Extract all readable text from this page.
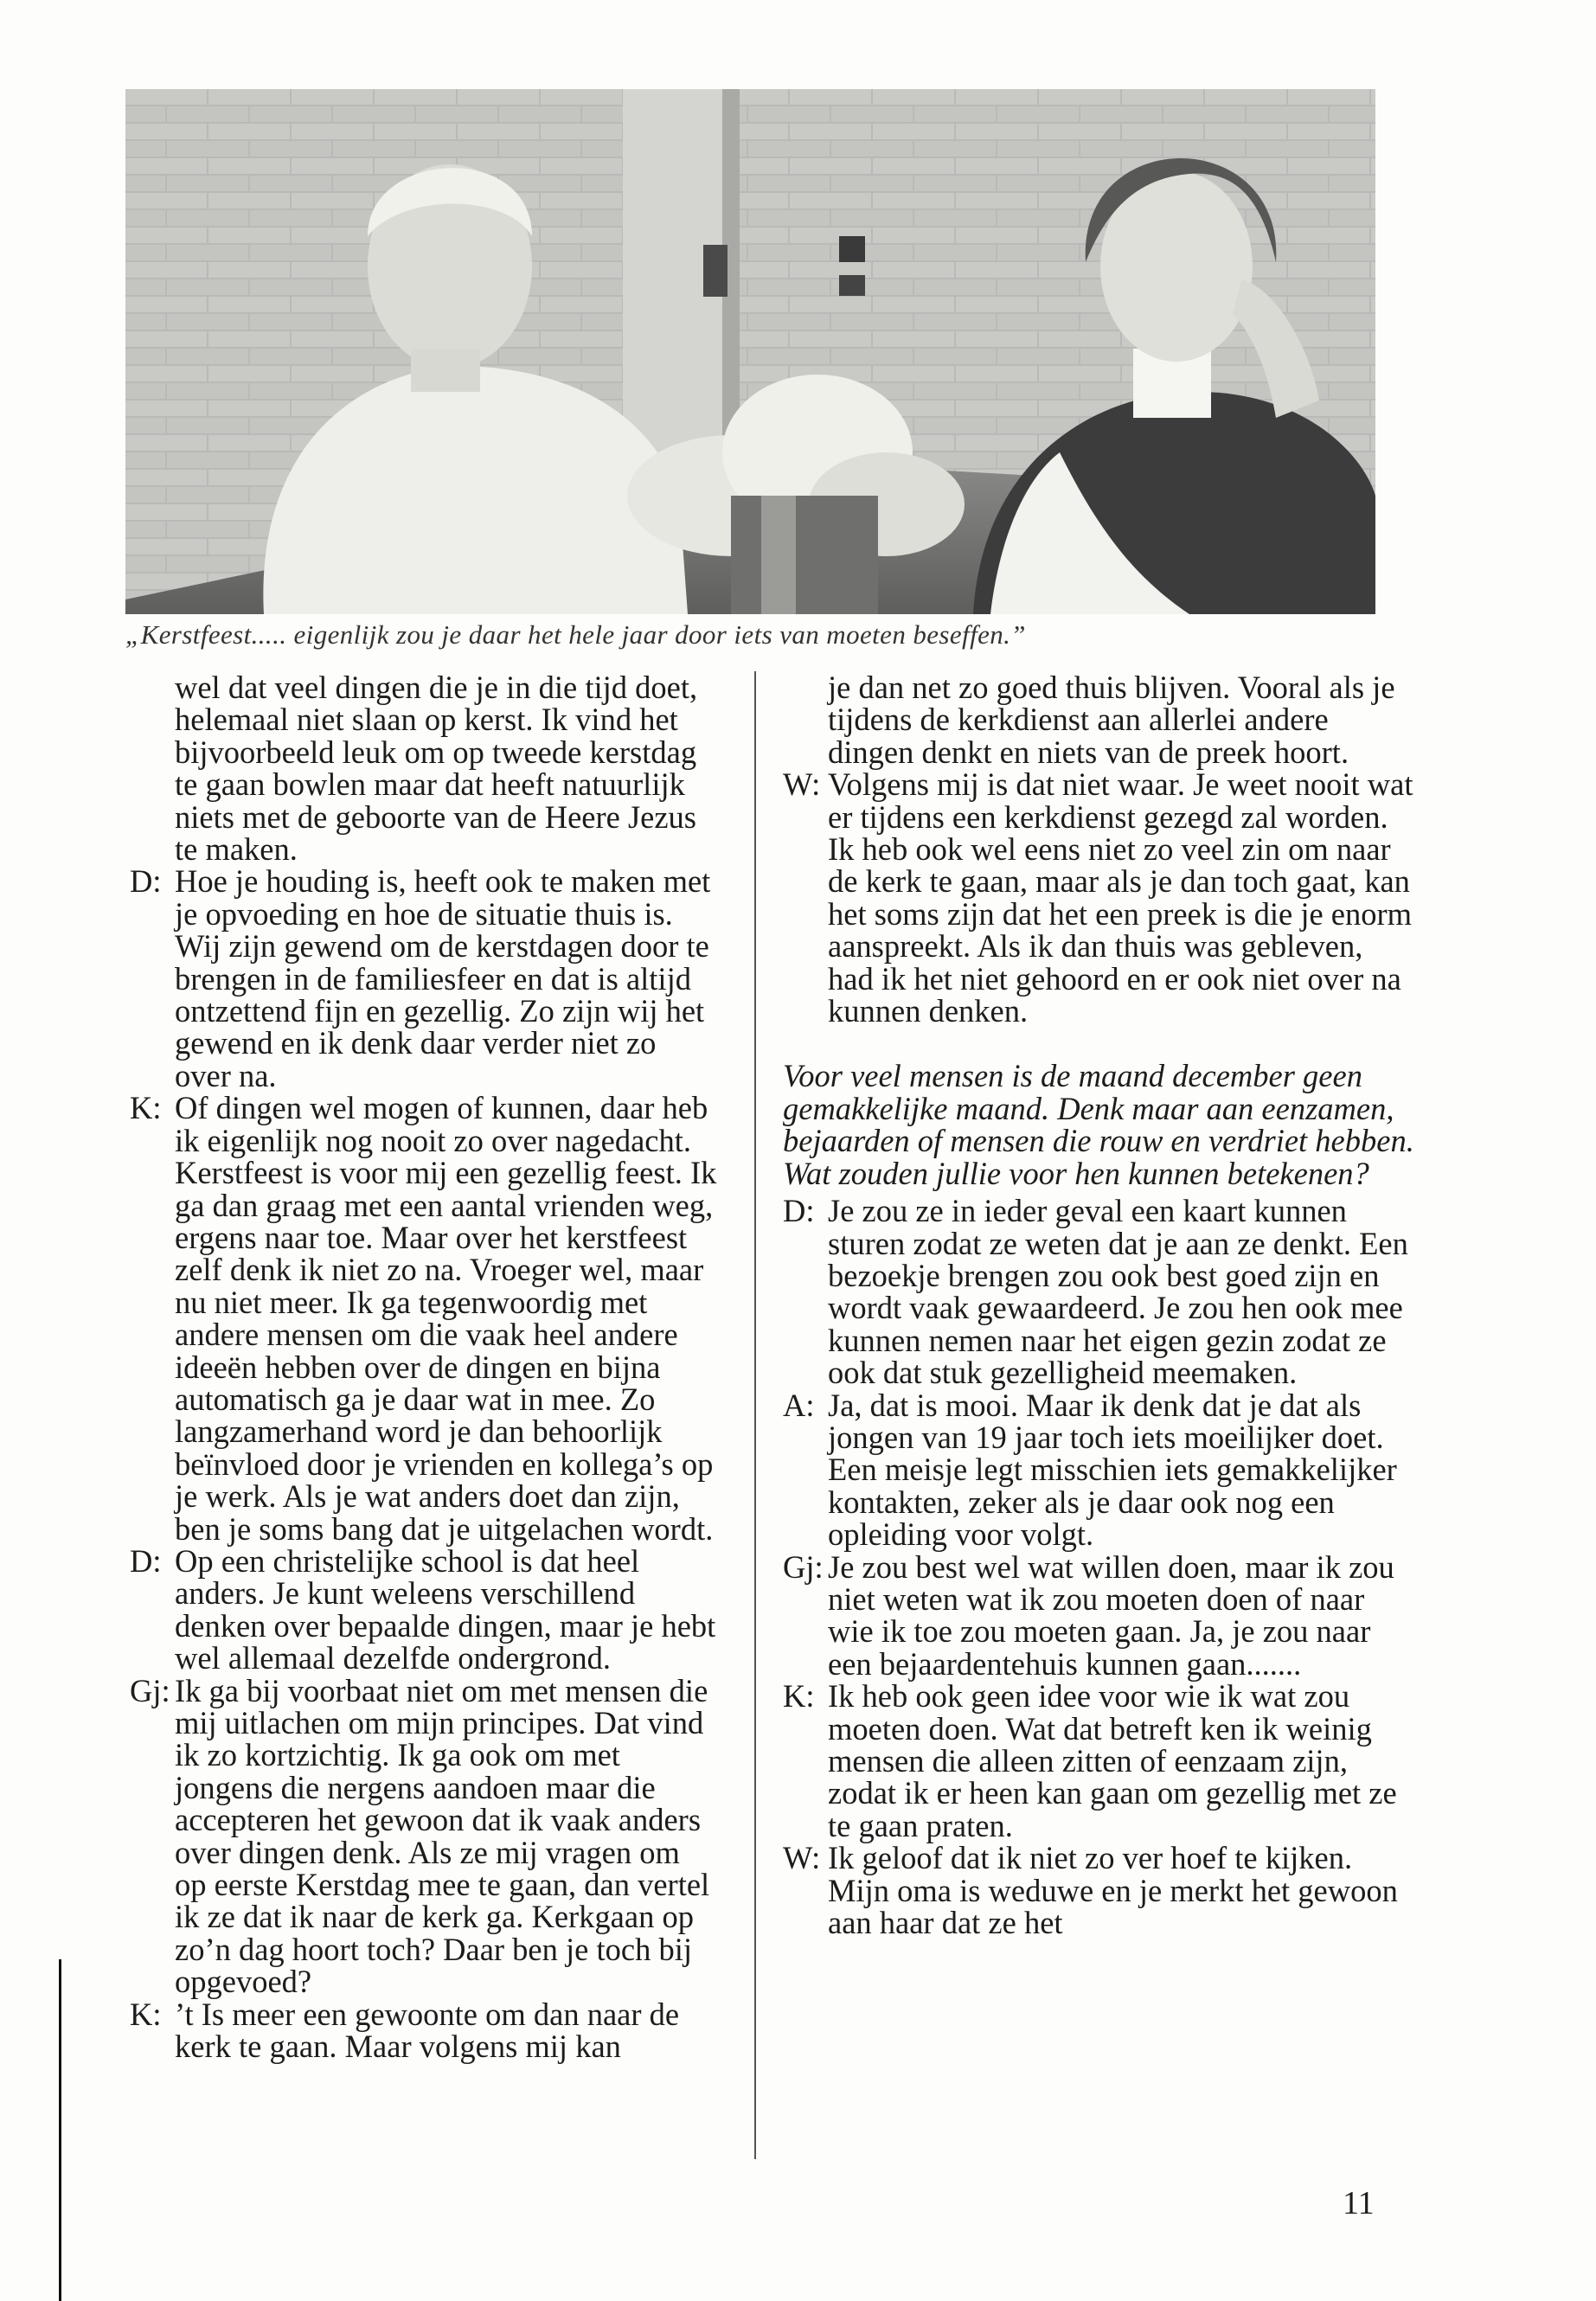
„Kerstfeest..... eigenlijk zou je daar het hele jaar door iets van moeten beseffen.”
wel dat veel dingen die je in die tijd doet, helemaal niet slaan op kerst. Ik vind het bijvoorbeeld leuk om op tweede kerstdag te gaan bowlen maar dat heeft natuurlijk niets met de geboorte van de Heere Jezus te maken.
D: Hoe je houding is, heeft ook te maken met je opvoeding en hoe de situatie thuis is. Wij zijn gewend om de kerstdagen door te brengen in de familiesfeer en dat is altijd ontzettend fijn en gezellig. Zo zijn wij het gewend en ik denk daar verder niet zo over na.
K: Of dingen wel mogen of kunnen, daar heb ik eigenlijk nog nooit zo over nagedacht. Kerstfeest is voor mij een gezellig feest. Ik ga dan graag met een aantal vrienden weg, ergens naar toe. Maar over het kerstfeest zelf denk ik niet zo na. Vroeger wel, maar nu niet meer. Ik ga tegenwoordig met andere mensen om die vaak heel andere ideeën hebben over de dingen en bijna automatisch ga je daar wat in mee. Zo langzamerhand word je dan behoorlijk beïnvloed door je vrienden en kollega’s op je werk. Als je wat anders doet dan zijn, ben je soms bang dat je uitgelachen wordt.
D: Op een christelijke school is dat heel anders. Je kunt weleens verschillend denken over bepaalde dingen, maar je hebt wel allemaal dezelfde ondergrond.
Gj: Ik ga bij voorbaat niet om met mensen die mij uitlachen om mijn principes. Dat vind ik zo kortzichtig. Ik ga ook om met jongens die nergens aandoen maar die accepteren het gewoon dat ik vaak anders over dingen denk. Als ze mij vragen om op eerste Kerstdag mee te gaan, dan vertel ik ze dat ik naar de kerk ga. Kerkgaan op zo’n dag hoort toch? Daar ben je toch bij opgevoed?
K: ’t Is meer een gewoonte om dan naar de kerk te gaan. Maar volgens mij kan
je dan net zo goed thuis blijven. Vooral als je tijdens de kerkdienst aan allerlei andere dingen denkt en niets van de preek hoort.
W: Volgens mij is dat niet waar. Je weet nooit wat er tijdens een kerkdienst gezegd zal worden. Ik heb ook wel eens niet zo veel zin om naar de kerk te gaan, maar als je dan toch gaat, kan het soms zijn dat het een preek is die je enorm aanspreekt. Als ik dan thuis was gebleven, had ik het niet gehoord en er ook niet over na kunnen denken.
Voor veel mensen is de maand december geen gemakkelijke maand. Denk maar aan eenzamen, bejaarden of mensen die rouw en verdriet hebben. Wat zouden jullie voor hen kunnen betekenen?
D: Je zou ze in ieder geval een kaart kunnen sturen zodat ze weten dat je aan ze denkt. Een bezoekje brengen zou ook best goed zijn en wordt vaak gewaardeerd. Je zou hen ook mee kunnen nemen naar het eigen gezin zodat ze ook dat stuk gezelligheid meemaken.
A: Ja, dat is mooi. Maar ik denk dat je dat als jongen van 19 jaar toch iets moeilijker doet. Een meisje legt misschien iets gemakkelijker kontakten, zeker als je daar ook nog een opleiding voor volgt.
Gj: Je zou best wel wat willen doen, maar ik zou niet weten wat ik zou moeten doen of naar wie ik toe zou moeten gaan. Ja, je zou naar een bejaardentehuis kunnen gaan.......
K: Ik heb ook geen idee voor wie ik wat zou moeten doen. Wat dat betreft ken ik weinig mensen die alleen zitten of eenzaam zijn, zodat ik er heen kan gaan om gezellig met ze te gaan praten.
W: Ik geloof dat ik niet zo ver hoef te kijken. Mijn oma is weduwe en je merkt het gewoon aan haar dat ze het
11
